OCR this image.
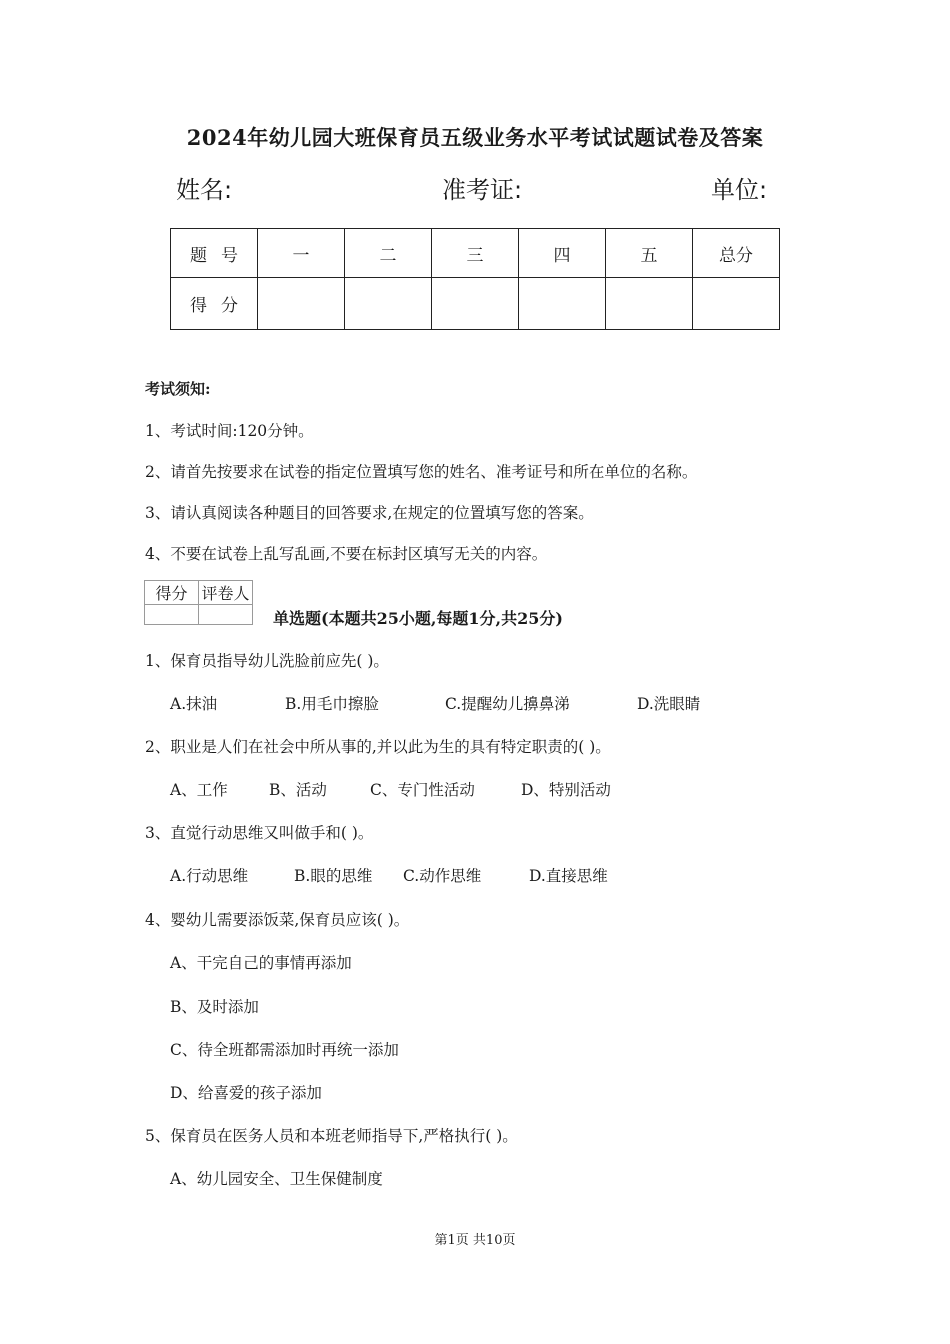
2024年幼儿园大班保育员五级业务水平考试试题试卷及答案
姓名:	准考证:	单位:
题号	一	二	三	四	五	总分
得分						
考试须知:
1、考试时间:120分钟。
2、请首先按要求在试卷的指定位置填写您的姓名、准考证号和所在单位的名称。
3、请认真阅读各种题目的回答要求,在规定的位置填写您的答案。
4、不要在试卷上乱写乱画,不要在标封区填写无关的内容。
得分	评卷人

单选题(本题共25小题,每题1分,共25分)
1、保育员指导幼儿洗脸前应先( )。
A.抹油	B.用毛巾擦脸	C.提醒幼儿擤鼻涕	D.洗眼睛
2、职业是人们在社会中所从事的,并以此为生的具有特定职责的( )。
A、工作	B、活动	C、专门性活动	D、特别活动
3、直觉行动思维又叫做手和( )。
A.行动思维	B.眼的思维 C.动作思维	D.直接思维
4、婴幼儿需要添饭菜,保育员应该( )。
A、干完自己的事情再添加
B、及时添加
C、待全班都需添加时再统一添加
D、给喜爱的孩子添加
5、保育员在医务人员和本班老师指导下,严格执行( )。
A、幼儿园安全、卫生保健制度
第1页 共10页
